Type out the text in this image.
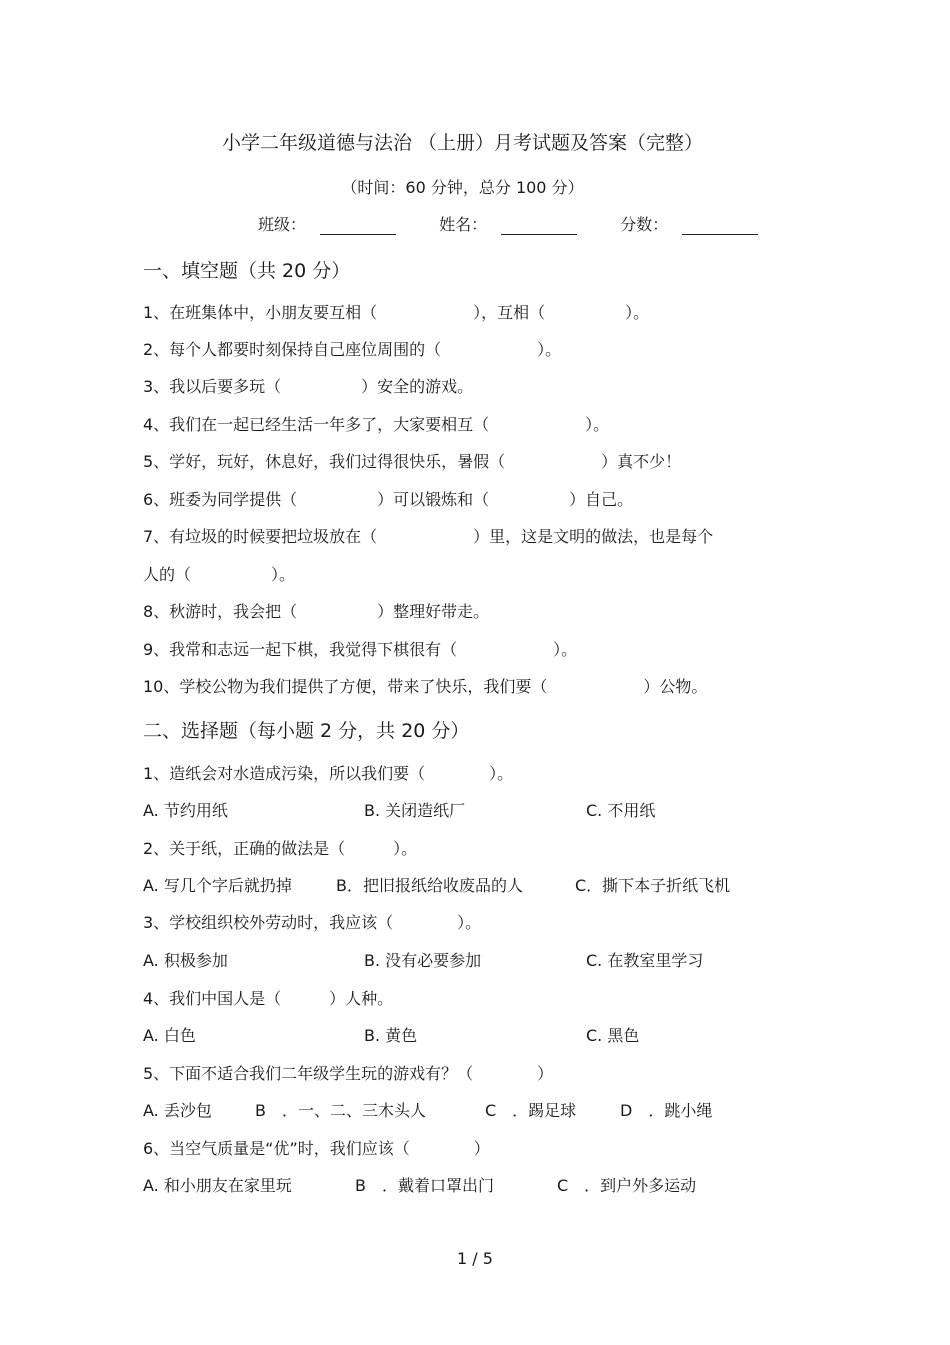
小学二年级道德与法治 （上册）月考试题及答案（完整）
（时间：60 分钟，总分 100 分）
班级：	姓名：	分数：
一、填空题（共 20 分）
1、在班集体中，小朋友要互相（　　　　　　），互相（　　　　　）。
2、每个人都要时刻保持自己座位周围的（　　　　　　）。
3、我以后要多玩（　　　　　）安全的游戏。
4、我们在一起已经生活一年多了，大家要相互（　　　　　　）。
5、学好，玩好，休息好，我们过得很快乐，暑假（　　　　　　）真不少！
6、班委为同学提供（　　　　　）可以锻炼和（　　　　　）自己。
7、有垃圾的时候要把垃圾放在（　　　　　　）里，这是文明的做法，也是每个
人的（　　　　　）。
8、秋游时，我会把（　　　　　）整理好带走。
9、我常和志远一起下棋，我觉得下棋很有（　　　　　　）。
10、学校公物为我们提供了方便，带来了快乐，我们要（　　　　　　）公物。
二、选择题（每小题 2 分，共 20 分）
1、造纸会对水造成污染，所以我们要（　　　　）。
A. 节约用纸	B. 关闭造纸厂	C. 不用纸
2、关于纸，正确的做法是（　　　）。
A. 写几个字后就扔掉	B．把旧报纸给收废品的人	C．撕下本子折纸飞机
3、学校组织校外劳动时，我应该（　　　　）。
A. 积极参加	B. 没有必要参加	C. 在教室里学习
4、我们中国人是（　　　）人种。
A. 白色	B. 黄色	C. 黑色
5、下面不适合我们二年级学生玩的游戏有？（　　　　）
A. 丢沙包	B　．一、二、三木头人	C　．踢足球	D　．跳小绳
6、当空气质量是“优”时，我们应该（　　　　）
A. 和小朋友在家里玩	B　．戴着口罩出门	C　．到户外多运动
1 / 5
